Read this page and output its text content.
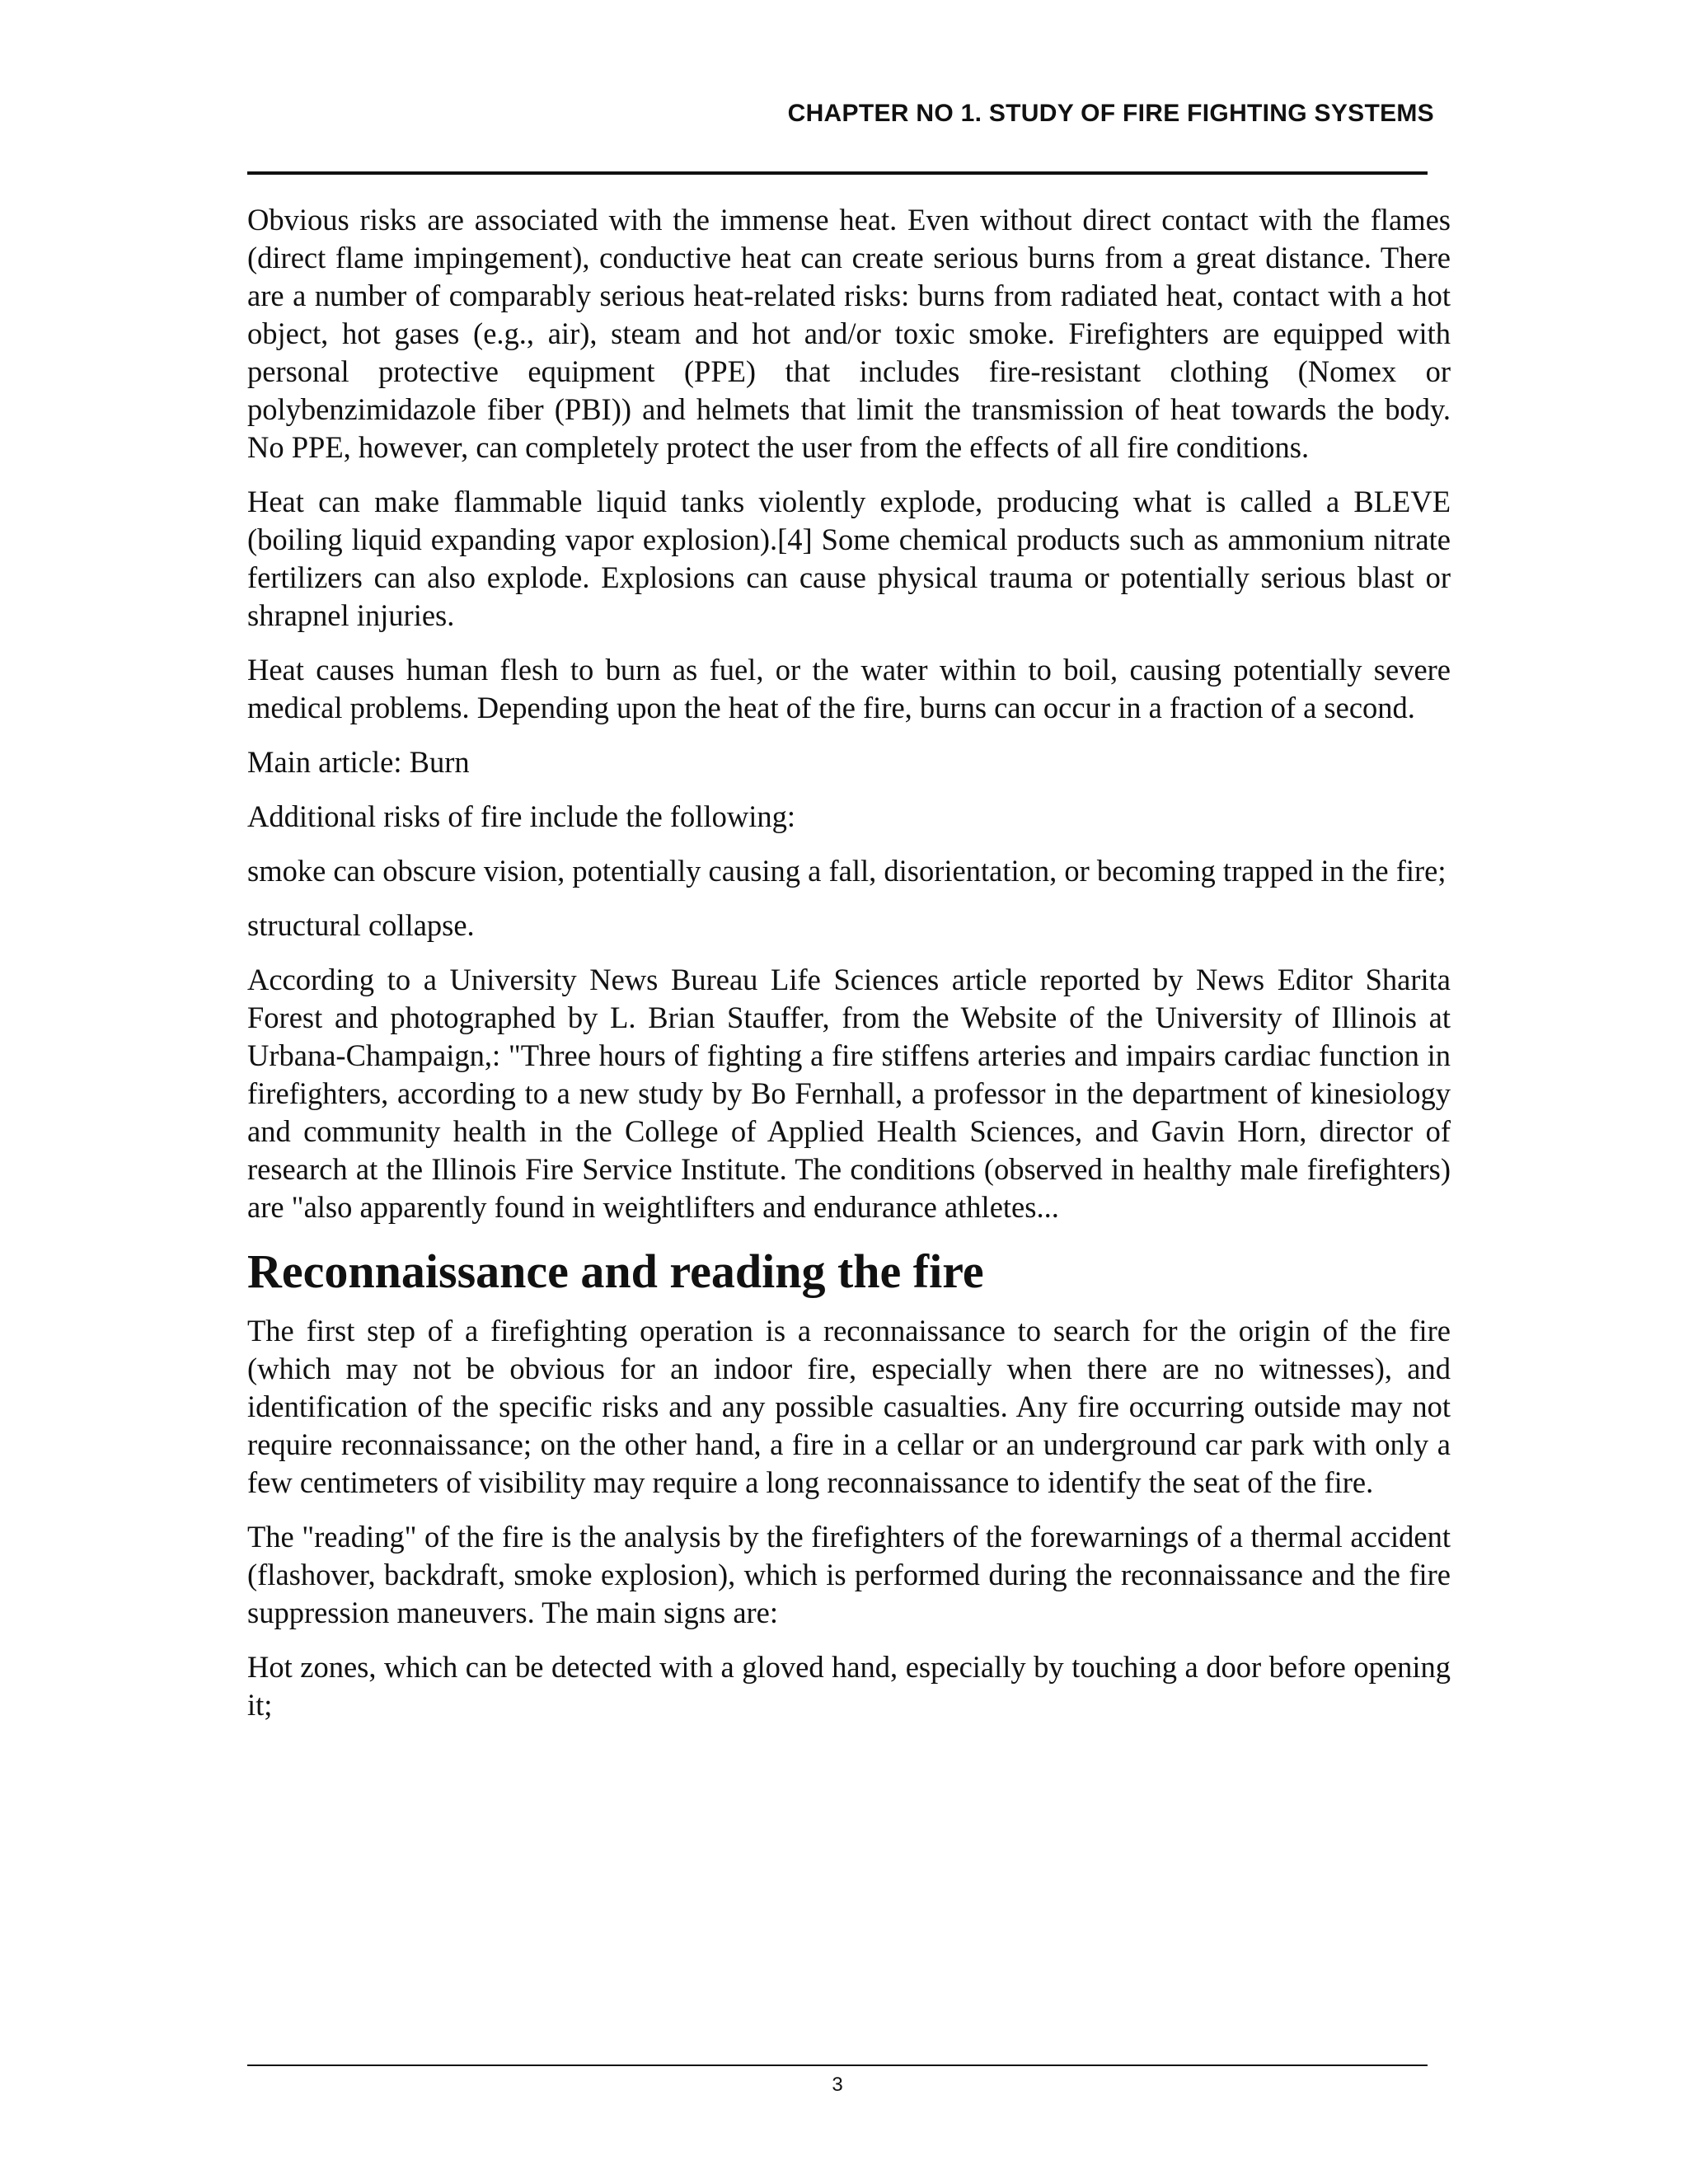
CHAPTER NO 1. STUDY OF FIRE FIGHTING SYSTEMS

Obvious risks are associated with the immense heat. Even without direct contact with the flames (direct flame impingement), conductive heat can create serious burns from a great distance. There are a number of comparably serious heat-related risks: burns from radiated heat, contact with a hot object, hot gases (e.g., air), steam and hot and/or toxic smoke. Firefighters are equipped with personal protective equipment (PPE) that includes fire-resistant clothing (Nomex or polybenzimidazole fiber (PBI)) and helmets that limit the transmission of heat towards the body. No PPE, however, can completely protect the user from the effects of all fire conditions.

Heat can make flammable liquid tanks violently explode, producing what is called a BLEVE (boiling liquid expanding vapor explosion).[4] Some chemical products such as ammonium nitrate fertilizers can also explode. Explosions can cause physical trauma or potentially serious blast or shrapnel injuries.

Heat causes human flesh to burn as fuel, or the water within to boil, causing potentially severe medical problems. Depending upon the heat of the fire, burns can occur in a fraction of a second.

Main article: Burn

Additional risks of fire include the following:

smoke can obscure vision, potentially causing a fall, disorientation, or becoming trapped in the fire;

structural collapse.

According to a University News Bureau Life Sciences article reported by News Editor Sharita Forest and photographed by L. Brian Stauffer, from the Website of the University of Illinois at Urbana-Champaign,: "Three hours of fighting a fire stiffens arteries and impairs cardiac function in firefighters, according to a new study by Bo Fernhall, a professor in the department of kinesiology and community health in the College of Applied Health Sciences, and Gavin Horn, director of research at the Illinois Fire Service Institute. The conditions (observed in healthy male firefighters) are "also apparently found in weightlifters and endurance athletes...

Reconnaissance and reading the fire

The first step of a firefighting operation is a reconnaissance to search for the origin of the fire (which may not be obvious for an indoor fire, especially when there are no witnesses), and identification of the specific risks and any possible casualties. Any fire occurring outside may not require reconnaissance; on the other hand, a fire in a cellar or an underground car park with only a few centimeters of visibility may require a long reconnaissance to identify the seat of the fire.

The "reading" of the fire is the analysis by the firefighters of the forewarnings of a thermal accident (flashover, backdraft, smoke explosion), which is performed during the reconnaissance and the fire suppression maneuvers. The main signs are:

Hot zones, which can be detected with a gloved hand, especially by touching a door before opening it;

3
